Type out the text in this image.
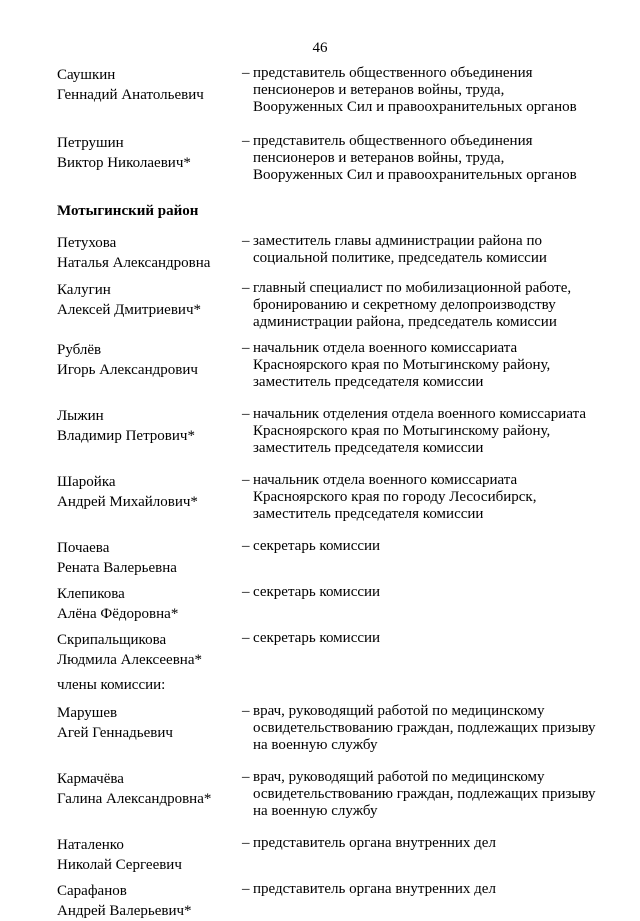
46
Саушкин
Геннадий Анатольевич
– представитель общественного объединения пенсионеров и ветеранов войны, труда, Вооруженных Сил и правоохранительных органов
Петрушин
Виктор Николаевич*
– представитель общественного объединения пенсионеров и ветеранов войны, труда, Вооруженных Сил и правоохранительных органов
Мотыгинский район
Петухова
Наталья Александровна
– заместитель главы администрации района по социальной политике, председатель комиссии
Калугин
Алексей Дмитриевич*
– главный специалист по мобилизационной работе, бронированию и секретному делопроизводству администрации района, председатель комиссии
Рублёв
Игорь Александрович
– начальник отдела военного комиссариата Красноярского края по Мотыгинскому району, заместитель председателя комиссии
Лыжин
Владимир Петрович*
– начальник отделения отдела военного комиссариата Красноярского края по Мотыгинскому району, заместитель председателя комиссии
Шаройка
Андрей Михайлович*
– начальник отдела военного комиссариата Красноярского края по городу Лесосибирск, заместитель председателя комиссии
Почаева
Рената Валерьевна
– секретарь комиссии
Клепикова
Алёна Фёдоровна*
– секретарь комиссии
Скрипальщикова
Людмила Алексеевна*
– секретарь комиссии
члены комиссии:
Марушев
Агей Геннадьевич
– врач, руководящий работой по медицинскому освидетельствованию граждан, подлежащих призыву на военную службу
Кармачёва
Галина Александровна*
– врач, руководящий работой по медицинскому освидетельствованию граждан, подлежащих призыву на военную службу
Наталенко
Николай Сергеевич
– представитель органа внутренних дел
Сарафанов
Андрей Валерьевич*
– представитель органа внутренних дел
